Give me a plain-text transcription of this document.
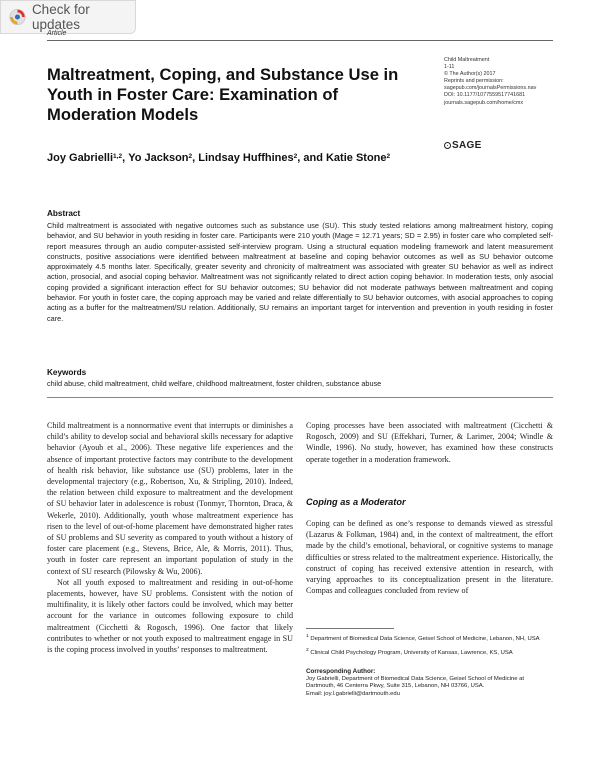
Check for updates
Article
Child Maltreatment
1-11
© The Author(s) 2017
Reprints and permission:
sagepub.com/journalsPermissions.nav
DOI: 10.1177/1077559517741681
journals.sagepub.com/home/cmx
SAGE
Maltreatment, Coping, and Substance Use in Youth in Foster Care: Examination of Moderation Models
Joy Gabrielli$^{1,2}$ , Yo Jackson$^2$ , Lindsay Huffhines$^2$ , and Katie Stone$^2$
Abstract

Child maltreatment is associated with negative outcomes such as substance use (SU). This study tested relations among maltreatment history, coping behavior, and SU behavior in youth residing in foster care. Participants were 210 youth (Mage = 12.71 years; SD = 2.95) in foster care who completed self-report measures through an audio computer-assisted self-interview program. Using a structural equation modeling framework and latent measurement constructs, positive associations were identified between maltreatment at baseline and coping behavior outcomes as well as SU behavior outcome approximately 4.5 months later. Specifically, greater severity and chronicity of maltreatment was associated with greater SU behavior as well as indirect action, prosocial, and asocial coping behavior. Maltreatment was not significantly related to direct action coping behavior. In moderation tests, only asocial coping provided a significant interaction effect for SU behavior outcomes; SU behavior did not moderate pathways between maltreatment and coping behavior. For youth in foster care, the coping approach may be varied and relate differentially to SU behavior outcomes, with asocial approaches to coping acting as a buffer for the maltreatment/SU relation. Additionally, SU remains an important target for intervention and prevention in youth residing in foster care.

Keywords

child abuse, child maltreatment, child welfare, childhood maltreatment, foster children, substance abuse

Child maltreatment is a nonnormative event that interrupts or diminishes a child’s ability to develop social and behavioral skills necessary for adaptive behavior (Ayoub et al., 2006). These negative life experiences and the absence of important protective factors may contribute to the development of health risk behavior, like substance use (SU) problems, later in the developmental trajectory (e.g., Robertson, Xu, & Stripling, 2010). Indeed, the relation between child exposure to maltreatment and the development of SU behavior later in adolescence is robust (Tonmyr, Thornton, Draca, & Wekerle, 2010). Additionally, youth whose maltreatment experience has risen to the level of out-of-home placement have demonstrated higher rates of SU problems and SU severity as compared to youth without a history of foster care placement (e.g., Stevens, Brice, Ale, & Morris, 2011). Thus, youth in foster care represent an important population of study in the context of SU research (Pilowsky & Wu, 2006).

Not all youth exposed to maltreatment and residing in out-of-home placements, however, have SU problems. Consistent with the notion of multifinality, it is likely other factors could be involved, which may better account for the variance in outcomes following exposure to child maltreatment (Cicchetti & Rogosch, 1996). One factor that likely contributes to whether or not youth exposed to maltreatment engage in SU is the coping process involved in youths’ responses to maltreatment.

Coping processes have been associated with maltreatment (Cicchetti & Rogosch, 2009) and SU (Effekhari, Turner, & Larimer, 2004; Windle & Windle, 1996). No study, however, has examined how these constructs operate together in a moderation framework.

Coping as a Moderator

Coping can be defined as one’s response to demands viewed as stressful (Lazarus & Folkman, 1984) and, in the context of maltreatment, the effort made by the child’s emotional, behavioral, or cognitive systems to manage difficulties or stress related to the maltreatment experience. Historically, the construct of coping has received extensive attention in research, with varying approaches to its conceptualization present in the literature. Compas and colleagues concluded from review of

$^1$ Department of Biomedical Data Science, Geisel School of Medicine, Lebanon, NH, USA
$^2$ Clinical Child Psychology Program, University of Kansas, Lawrence, KS, USA
Corresponding Author:
Joy Gabrielli, Department of Biomedical Data Science, Geisel School of Medicine at Dartmouth, 46 Centerra Pkwy, Suite 315, Lebanon, NH 03766, USA.
Email: joy.l.gabrielli@dartmouth.edu
